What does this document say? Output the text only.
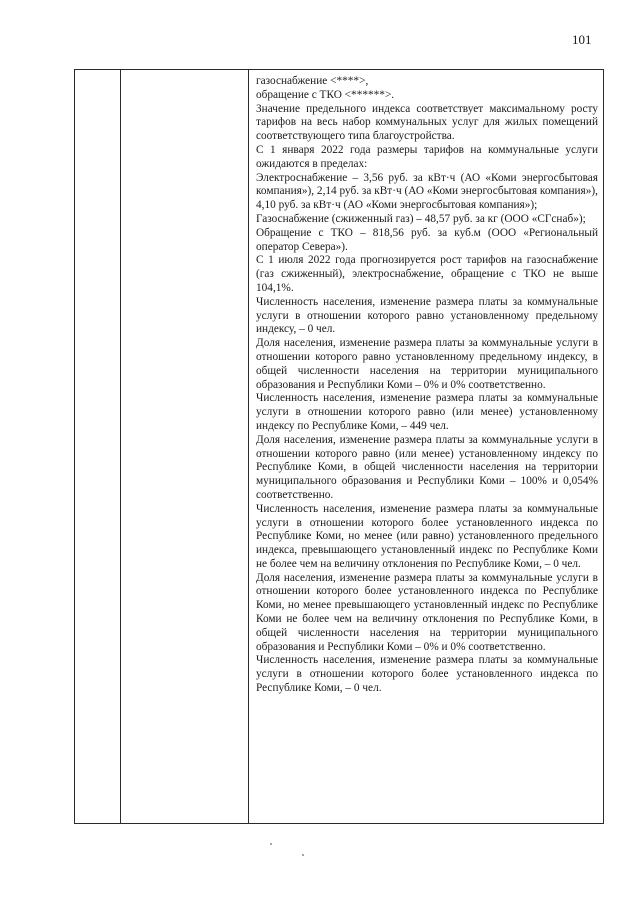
101

газоснабжение <****>,

обращение с ТКО <******>.

Значение предельного индекса соответствует максимальному росту тарифов на весь набор коммунальных услуг для жилых помещений соответствующего типа благоустройства.

С 1 января 2022 года размеры тарифов на коммунальные услуги ожидаются в пределах:

Электроснабжение – 3,56 руб. за кВт·ч (АО «Коми энергосбытовая компания»), 2,14 руб. за кВт·ч (АО «Коми энергосбытовая компания»), 4,10 руб. за кВт·ч (АО «Коми энергосбытовая компания»);

Газоснабжение (сжиженный газ) – 48,57 руб. за кг (ООО «СГснаб»);

Обращение с ТКО – 818,56 руб. за куб.м (ООО «Региональный оператор Севера»).

С 1 июля 2022 года прогнозируется рост тарифов на газоснабжение (газ сжиженный), электроснабжение, обращение с ТКО не выше 104,1%.

Численность населения, изменение размера платы за коммунальные услуги в отношении которого равно установленному предельному индексу, – 0 чел.

Доля населения, изменение размера платы за коммунальные услуги в отношении которого равно установленному предельному индексу, в общей численности населения на территории муниципального образования и Республики Коми – 0% и 0% соответственно.

Численность населения, изменение размера платы за коммунальные услуги в отношении которого равно (или менее) установленному индексу по Республике Коми, – 449 чел.

Доля населения, изменение размера платы за коммунальные услуги в отношении которого равно (или менее) установленному индексу по Республике Коми, в общей численности населения на территории муниципального образования и Республики Коми – 100% и 0,054% соответственно.

Численность населения, изменение размера платы за коммунальные услуги в отношении которого более установленного индекса по Республике Коми, но менее (или равно) установленного предельного индекса, превышающего установленный индекс по Республике Коми не более чем на величину отклонения по Республике Коми, – 0 чел.

Доля населения, изменение размера платы за коммунальные услуги в отношении которого более установленного индекса по Республике Коми, но менее превышающего установленный индекс по Республике Коми не более чем на величину отклонения по Республике Коми, в общей численности населения на территории муниципального образования и Республики Коми – 0% и 0% соответственно.

Численность населения, изменение размера платы за коммунальные услуги в отношении которого более установленного индекса по Республике Коми, – 0 чел.
